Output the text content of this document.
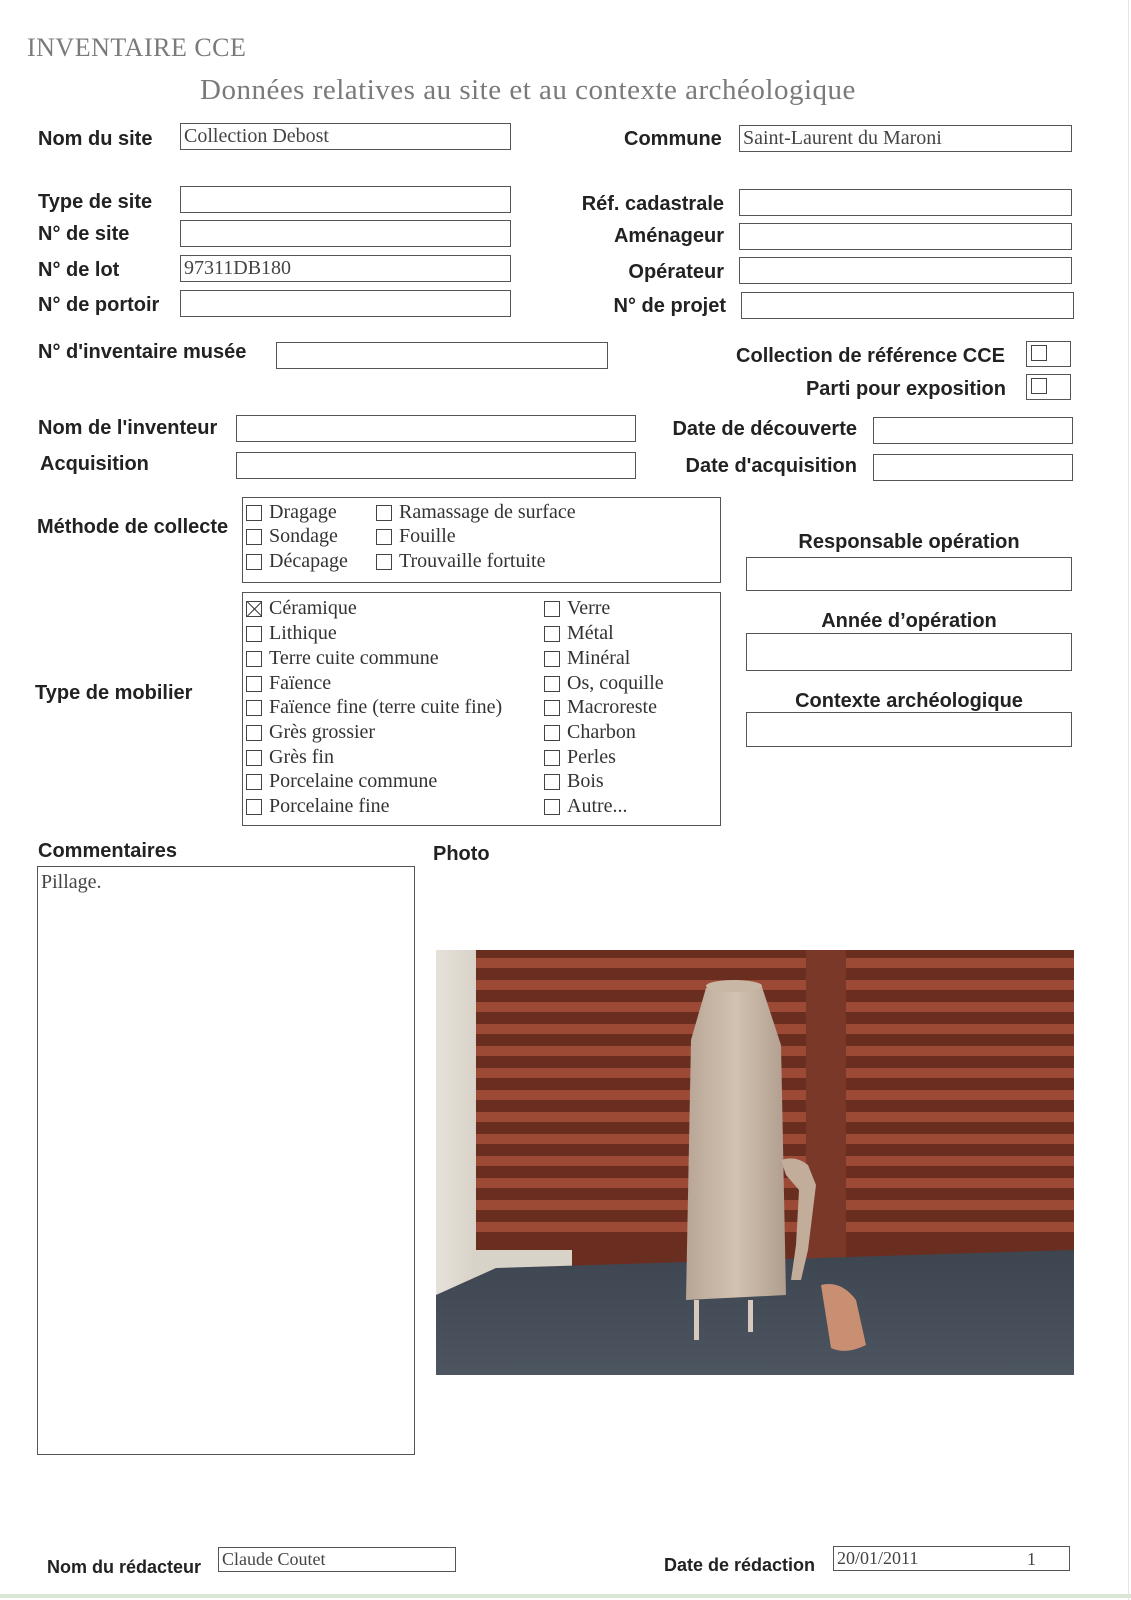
INVENTAIRE CCE
Données relatives au site et au contexte archéologique
Nom du site Collection Debost	Commune Saint-Laurent du Maroni
Type de site
N° de site
N° de lot	97311DB180
N° de portoir
Réf. cadastrale
Aménageur
Opérateur
N° de projet
N° d'inventaire musée	Collection de référence CCE
Parti pour exposition
Nom de l'inventeur
Acquisition
Date de découverte
Date d'acquisition
Méthode de collecte
Dragage
Sondage
Décapage
Ramassage de surface
Fouille
Trouvaille fortuite
Type de mobilier
Céramique
Lithique
Terre cuite commune
Faïence
Faïence fine (terre cuite fine)
Grès grossier
Grès fin
Porcelaine commune
Porcelaine fine
Verre
Métal
Minéral
Os, coquille
Macroreste
Charbon
Perles
Bois
Autre...
Responsable opération
Année d’opération
Contexte archéologique
Commentaires
Pillage.
Photo
Nom du rédacteur Claude Coutet	Date de rédaction 20/01/2011	1
